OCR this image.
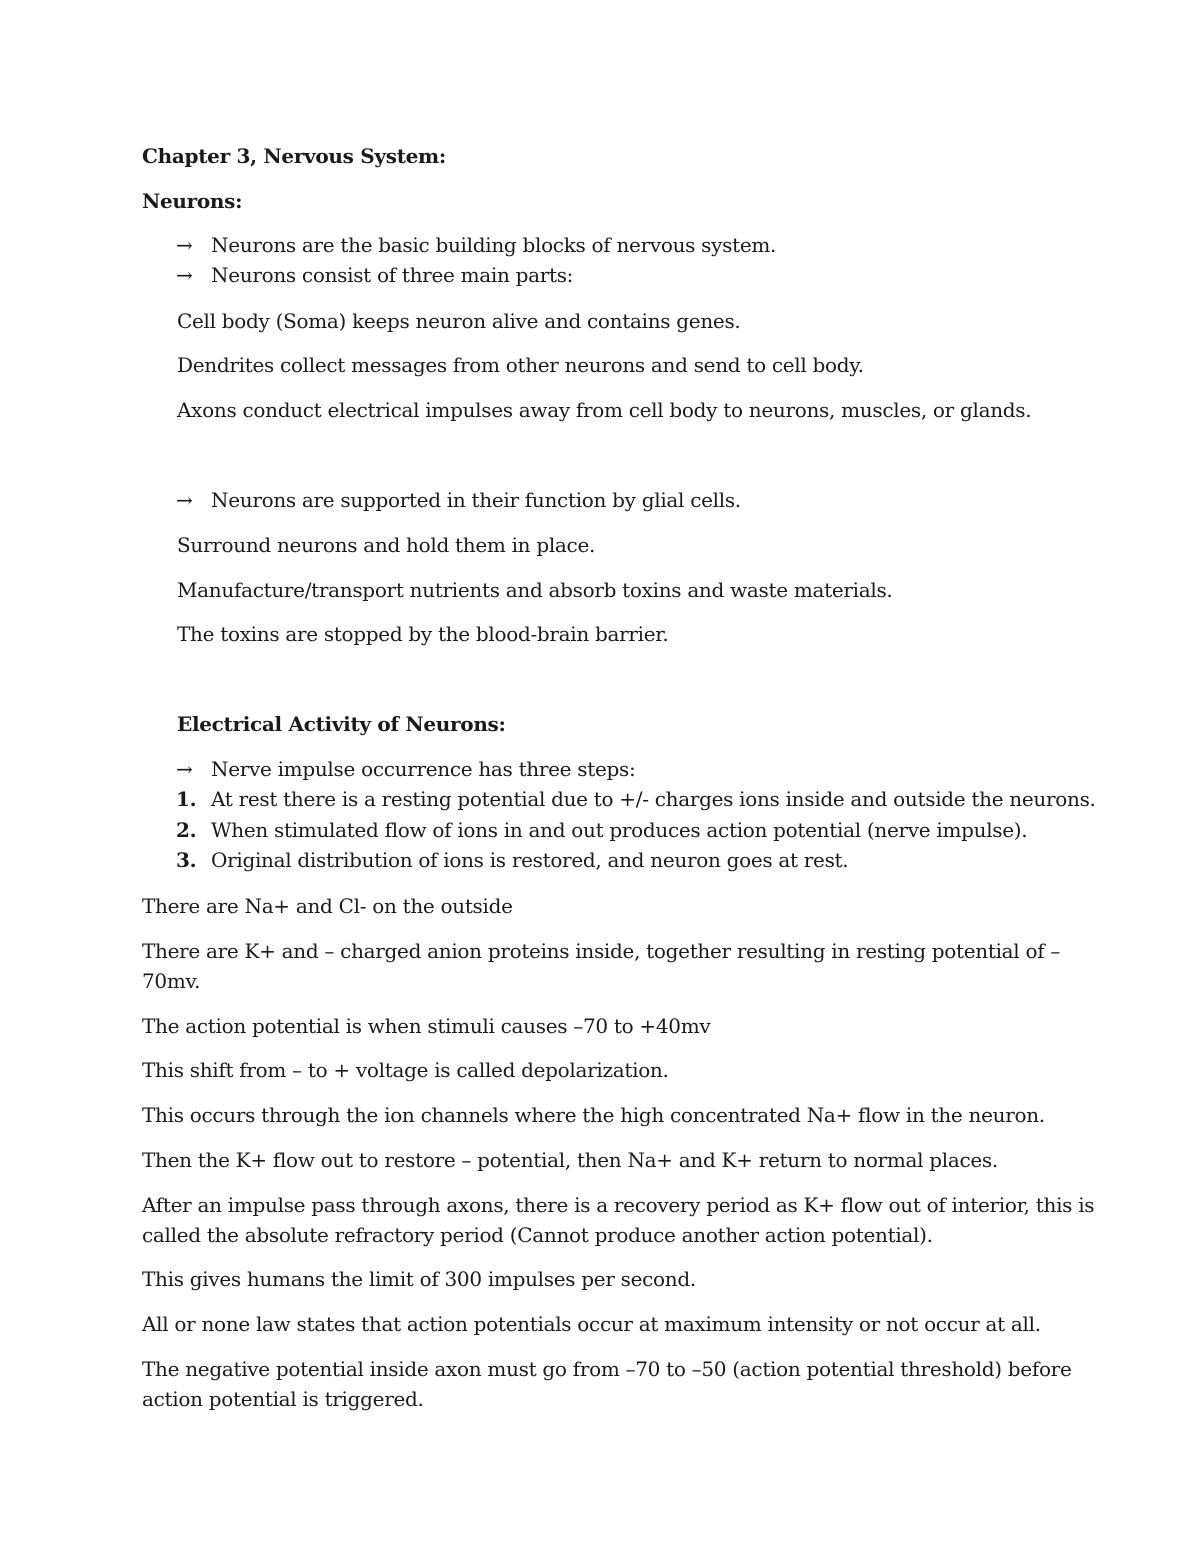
Chapter 3, Nervous System:
Neurons:
→ Neurons are the basic building blocks of nervous system.
→ Neurons consist of three main parts:
Cell body (Soma) keeps neuron alive and contains genes.
Dendrites collect messages from other neurons and send to cell body.
Axons conduct electrical impulses away from cell body to neurons, muscles, or glands.
→ Neurons are supported in their function by glial cells.
Surround neurons and hold them in place.
Manufacture/transport nutrients and absorb toxins and waste materials.
The toxins are stopped by the blood-brain barrier.
Electrical Activity of Neurons:
→ Nerve impulse occurrence has three steps:
1. At rest there is a resting potential due to +/- charges ions inside and outside the neurons.
2. When stimulated flow of ions in and out produces action potential (nerve impulse).
3. Original distribution of ions is restored, and neuron goes at rest.
There are Na+ and Cl- on the outside
There are K+ and – charged anion proteins inside, together resulting in resting potential of –
70mv.
The action potential is when stimuli causes –70 to +40mv
This shift from – to + voltage is called depolarization.
This occurs through the ion channels where the high concentrated Na+ flow in the neuron.
Then the K+ flow out to restore – potential, then Na+ and K+ return to normal places.
After an impulse pass through axons, there is a recovery period as K+ flow out of interior, this is
called the absolute refractory period (Cannot produce another action potential).
This gives humans the limit of 300 impulses per second.
All or none law states that action potentials occur at maximum intensity or not occur at all.
The negative potential inside axon must go from –70 to –50 (action potential threshold) before
action potential is triggered.
